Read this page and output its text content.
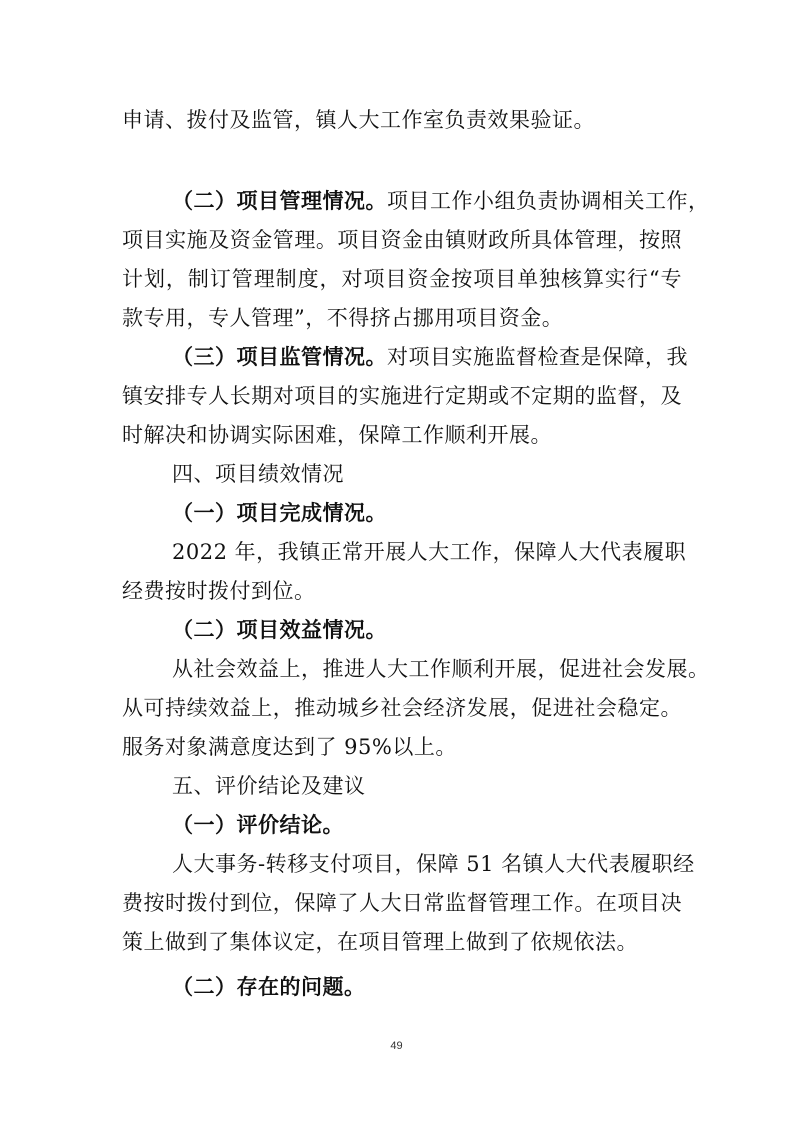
申请、拨付及监管，镇人大工作室负责效果验证。
（二）项目管理情况。项目工作小组负责协调相关工作，
项目实施及资金管理。项目资金由镇财政所具体管理，按照
计划，制订管理制度，对项目资金按项目单独核算实行“专
款专用，专人管理”，不得挤占挪用项目资金。
（三）项目监管情况。对项目实施监督检查是保障，我
镇安排专人长期对项目的实施进行定期或不定期的监督，及
时解决和协调实际困难，保障工作顺利开展。
四、项目绩效情况
（一）项目完成情况。
2022 年，我镇正常开展人大工作，保障人大代表履职
经费按时拨付到位。
（二）项目效益情况。
从社会效益上，推进人大工作顺利开展，促进社会发展。
从可持续效益上，推动城乡社会经济发展，促进社会稳定。
服务对象满意度达到了 95%以上。
五、评价结论及建议
（一）评价结论。
人大事务-转移支付项目，保障 51 名镇人大代表履职经
费按时拨付到位，保障了人大日常监督管理工作。在项目决
策上做到了集体议定，在项目管理上做到了依规依法。
（二）存在的问题。
49
